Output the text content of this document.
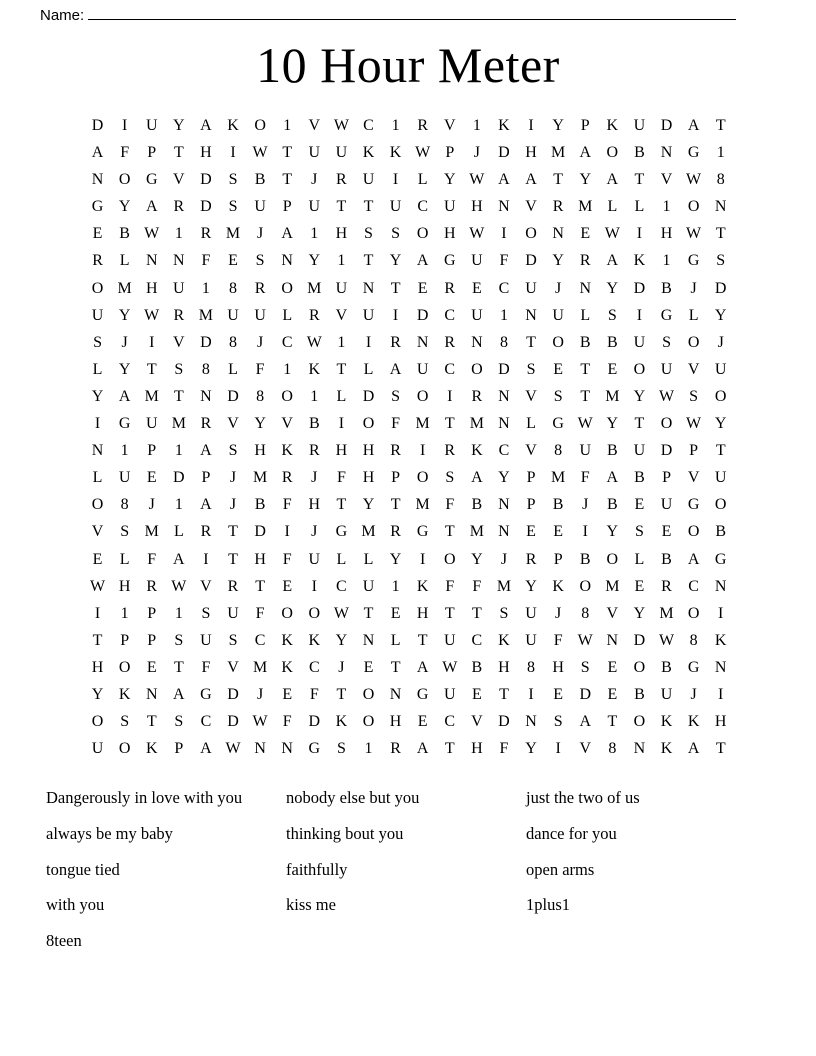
Name:
10 Hour Meter
D	I	U Y A K O	1	V W C	1	R V	1	K	I	Y	P	K U D A	T
A	F	P	T	H	I	W T	U U K K W P	J	D H M A O B N G	1
N O G V D	S	B	T	J	R U	I	L	Y W A A	T	Y A	T	V W 8
G Y A R D	S	U	P	U	T	T	U C U H N V R M L	L	1	O N
E	B W 1	R M	J	A	1	H	S	S	O H W	I	O N	E W	I	H W T
R	L	N N	F	E	S	N Y	1	T	Y A G U	F	D Y R A K	1	G	S
O M H U	1	8	R O M U N	T	E	R	E	C U	J	N Y D B	J	D
U Y W R M U U	L	R V U	I	D C U	1	N U	L	S	I	G	L	Y
S	J	I	V D	8	J	C W 1	I	R N R N	8	T	O B	B U	S	O	J
L	Y	T	S	8	L	F	1	K	T	L	A U C O D	S	E	T	E	O U V U
Y A M T	N D	8	O	1	L	D	S	O	I	R N V	S	T M Y W S	O
I	G U M R V Y V B	I	O	F M T M N	L	G W Y	T	O W Y
N	1	P	1	A	S	H K R H H R	I	R K C V	8	U B U D	P	T
L	U	E	D	P	J	M R	J	F	H	P	O	S	A Y	P M F	A B	P	V U
O	8	J	1	A	J	B	F	H	T	Y	T M F	B N	P	B	J	B	E	U G O
V	S M L	R	T	D	I	J	G M R G	T M N	E	E	I	Y	S	E	O B
E	L	F	A	I	T	H	F	U	L	L	Y	I	O Y	J	R	P	B O	L	B A G
W H R W V R	T	E	I	C U	1	K	F	F M Y K O M E	R	C N
I	1	P	1	S	U	F	O O W T	E	H	T	T	S	U	J	8	V Y M O	I
T	P	P	S	U	S	C K K Y N	L	T	U C K U	F W N D W 8	K
H O	E	T	F	V M K C	J	E	T	A W B H	8	H	S	E	O B G N
Y K N A G D	J	E	F	T	O N G U	E	T	I	E	D	E	B U	J	I
O	S	T	S	C D W F	D K O H	E	C V D N	S	A	T	O K K H
U O K	P	A W N N G	S	1	R A	T	H	F	Y	I	V	8	N K A	T
Dangerously in love with you	nobody else but you	just the two of us
always be my baby	thinking bout you	dance for you
tongue tied	faithfully	open arms
with you	kiss me	1plus1
8teen
